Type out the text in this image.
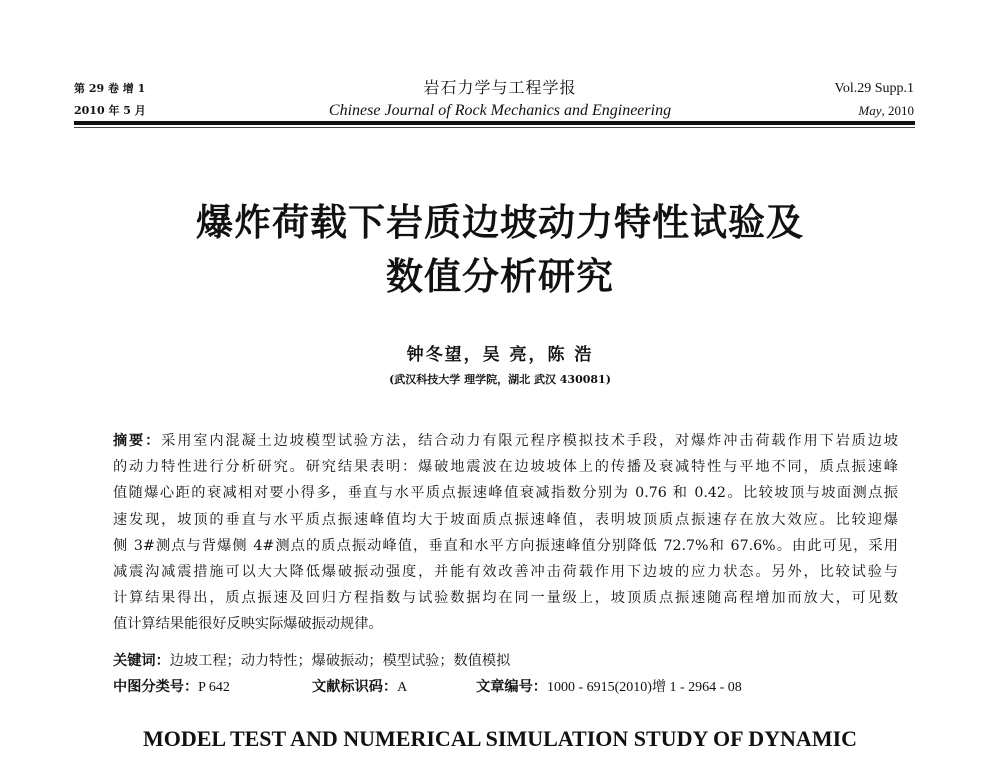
第 29 卷 增 1
2010 年 5 月
岩石力学与工程学报
Chinese Journal of Rock Mechanics and Engineering
Vol.29 Supp.1
May, 2010
爆炸荷载下岩质边坡动力特性试验及
数值分析研究
钟冬望，吴 亮，陈 浩
(武汉科技大学 理学院，湖北 武汉 430081)
摘要：采用室内混凝土边坡模型试验方法，结合动力有限元程序模拟技术手段，对爆炸冲击荷载作用下岩质边坡
的动力特性进行分析研究。研究结果表明：爆破地震波在边坡坡体上的传播及衰减特性与平地不同，质点振速峰
值随爆心距的衰减相对要小得多，垂直与水平质点振速峰值衰减指数分别为 0.76 和 0.42。比较坡顶与坡面测点振
速发现，坡顶的垂直与水平质点振速峰值均大于坡面质点振速峰值，表明坡顶质点振速存在放大效应。比较迎爆
侧 3#测点与背爆侧 4#测点的质点振动峰值，垂直和水平方向振速峰值分别降低 72.7%和 67.6%。由此可见，采用
减震沟减震措施可以大大降低爆破振动强度，并能有效改善冲击荷载作用下边坡的应力状态。另外，比较试验与
计算结果得出，质点振速及回归方程指数与试验数据均在同一量级上，坡顶质点振速随高程增加而放大，可见数
值计算结果能很好反映实际爆破振动规律。
关键词：边坡工程；动力特性；爆破振动；模型试验；数值模拟
中图分类号：P 642	文献标识码：A	文章编号：1000 - 6915(2010)增 1 - 2964 - 08
MODEL TEST AND NUMERICAL SIMULATION STUDY OF DYNAMIC
